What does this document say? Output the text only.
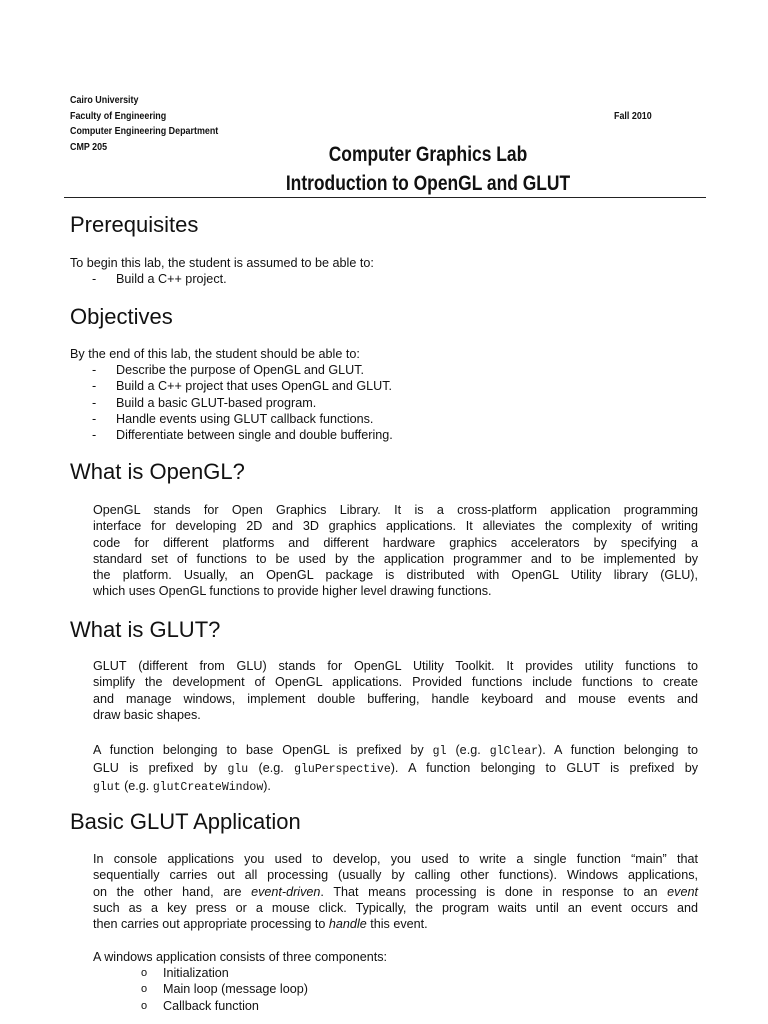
Cairo University
Faculty of Engineering
Computer Engineering Department
CMP 205
Fall 2010
Computer Graphics Lab
Introduction to OpenGL and GLUT
Prerequisites
To begin this lab, the student is assumed to be able to:
- Build a C++ project.
Objectives
By the end of this lab, the student should be able to:
- Describe the purpose of OpenGL and GLUT.
- Build a C++ project that uses OpenGL and GLUT.
- Build a basic GLUT-based program.
- Handle events using GLUT callback functions.
- Differentiate between single and double buffering.
What is OpenGL?
OpenGL stands for Open Graphics Library. It is a cross-platform application programming
interface for developing 2D and 3D graphics applications. It alleviates the complexity of writing
code for different platforms and different hardware graphics accelerators by specifying a
standard set of functions to be used by the application programmer and to be implemented by
the platform. Usually, an OpenGL package is distributed with OpenGL Utility library (GLU),
which uses OpenGL functions to provide higher level drawing functions.
What is GLUT?
GLUT (different from GLU) stands for OpenGL Utility Toolkit. It provides utility functions to
simplify the development of OpenGL applications. Provided functions include functions to create
and manage windows, implement double buffering, handle keyboard and mouse events and
draw basic shapes.
A function belonging to base OpenGL is prefixed by gl (e.g. glClear). A function belonging to
GLU is prefixed by glu (e.g. gluPerspective). A function belonging to GLUT is prefixed by
glut (e.g. glutCreateWindow).
Basic GLUT Application
In console applications you used to develop, you used to write a single function “main” that
sequentially carries out all processing (usually by calling other functions). Windows applications,
on the other hand, are event-driven. That means processing is done in response to an event
such as a key press or a mouse click. Typically, the program waits until an event occurs and
then carries out appropriate processing to handle this event.
A windows application consists of three components:
o Initialization
o Main loop (message loop)
o Callback function
